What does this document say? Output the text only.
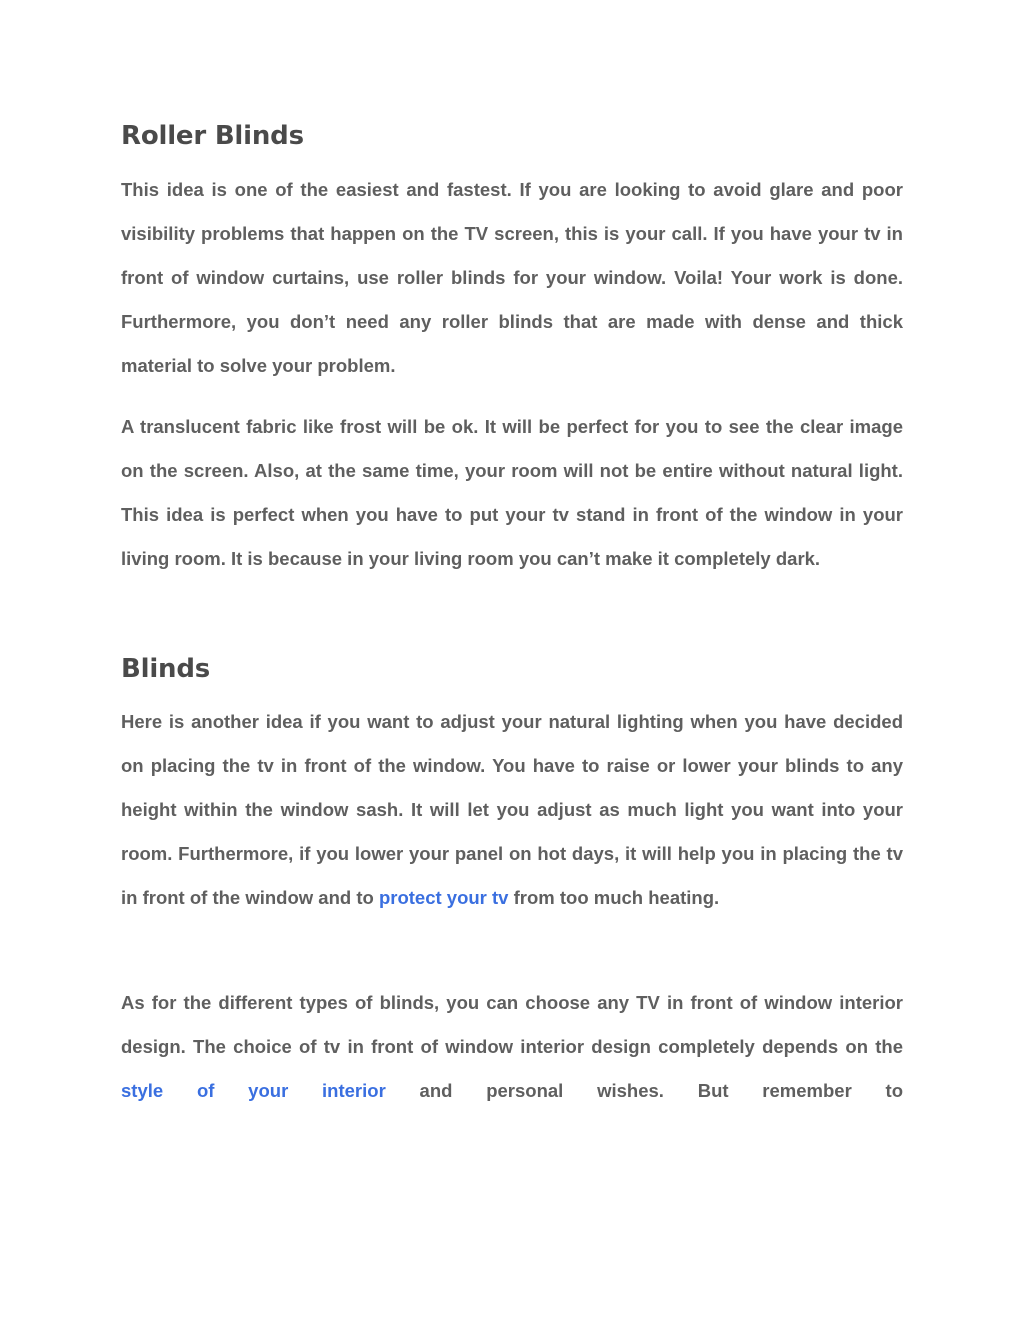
Roller Blinds

This idea is one of the easiest and fastest. If you are looking to avoid glare and poor visibility problems that happen on the TV screen, this is your call. If you have your tv in front of window curtains, use roller blinds for your window. Voila! Your work is done. Furthermore, you don’t need any roller blinds that are made with dense and thick material to solve your problem.

A translucent fabric like frost will be ok. It will be perfect for you to see the clear image on the screen. Also, at the same time, your room will not be entire without natural light. This idea is perfect when you have to put your tv stand in front of the window in your living room. It is because in your living room you can’t make it completely dark.

Blinds

Here is another idea if you want to adjust your natural lighting when you have decided on placing the tv in front of the window. You have to raise or lower your blinds to any height within the window sash. It will let you adjust as much light you want into your room. Furthermore, if you lower your panel on hot days, it will help you in placing the tv in front of the window and to protect your tv from too much heating.

As for the different types of blinds, you can choose any TV in front of window interior design. The choice of tv in front of window interior design completely depends on the style of your interior and personal wishes. But remember to
